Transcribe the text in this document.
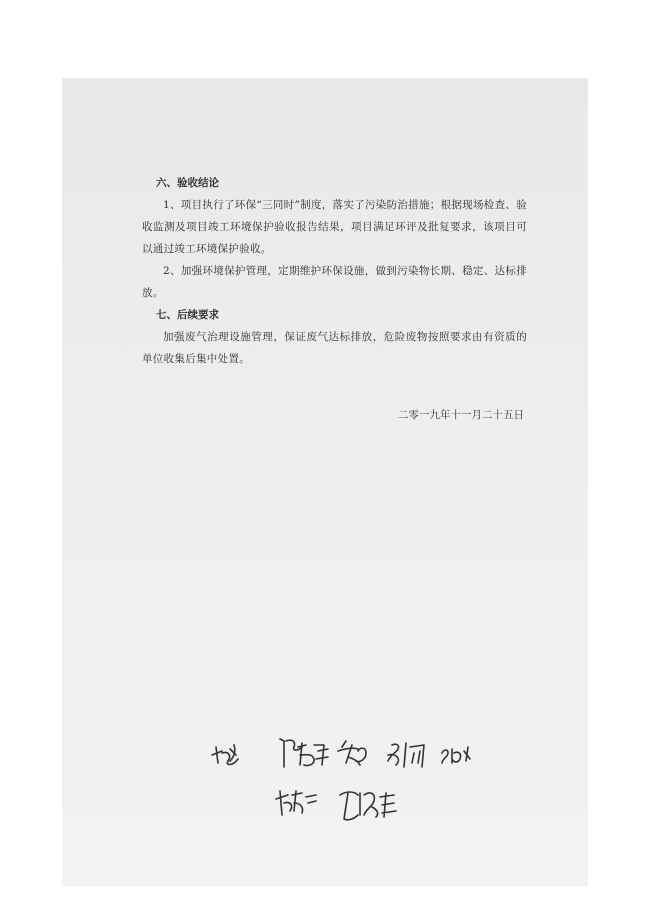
六、验收结论

1、项目执行了环保“三同时”制度，落实了污染防治措施；根据现场检查、验收监测及项目竣工环境保护验收报告结果，项目满足环评及批复要求，该项目可以通过竣工环境保护验收。

2、加强环境保护管理，定期维护环保设施，做到污染物长期、稳定、达标排放。

七、后续要求

加强废气治理设施管理，保证废气达标排放，危险废物按照要求由有资质的单位收集后集中处置。

二零一九年十一月二十五日
